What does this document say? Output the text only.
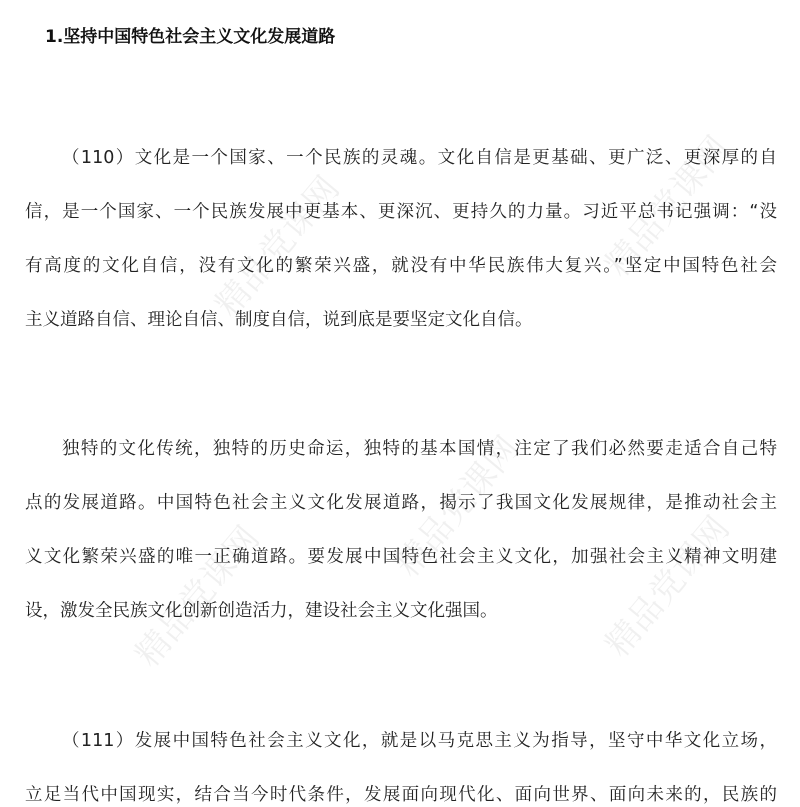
1.坚持中国特色社会主义文化发展道路
（110）文化是一个国家、一个民族的灵魂。文化自信是更基础、更广泛、更深厚的自
信，是一个国家、一个民族发展中更基本、更深沉、更持久的力量。习近平总书记强调：“没
有高度的文化自信，没有文化的繁荣兴盛，就没有中华民族伟大复兴。”坚定中国特色社会
主义道路自信、理论自信、制度自信，说到底是要坚定文化自信。
独特的文化传统，独特的历史命运，独特的基本国情，注定了我们必然要走适合自己特
点的发展道路。中国特色社会主义文化发展道路，揭示了我国文化发展规律，是推动社会主
义文化繁荣兴盛的唯一正确道路。要发展中国特色社会主义文化，加强社会主义精神文明建
设，激发全民族文化创新创造活力，建设社会主义文化强国。
（111）发展中国特色社会主义文化，就是以马克思主义为指导，坚守中华文化立场，
立足当代中国现实，结合当今时代条件，发展面向现代化、面向世界、面向未来的，民族的
精品党课网	精品党课网
精品党课网
精品党课网	精品党课网
